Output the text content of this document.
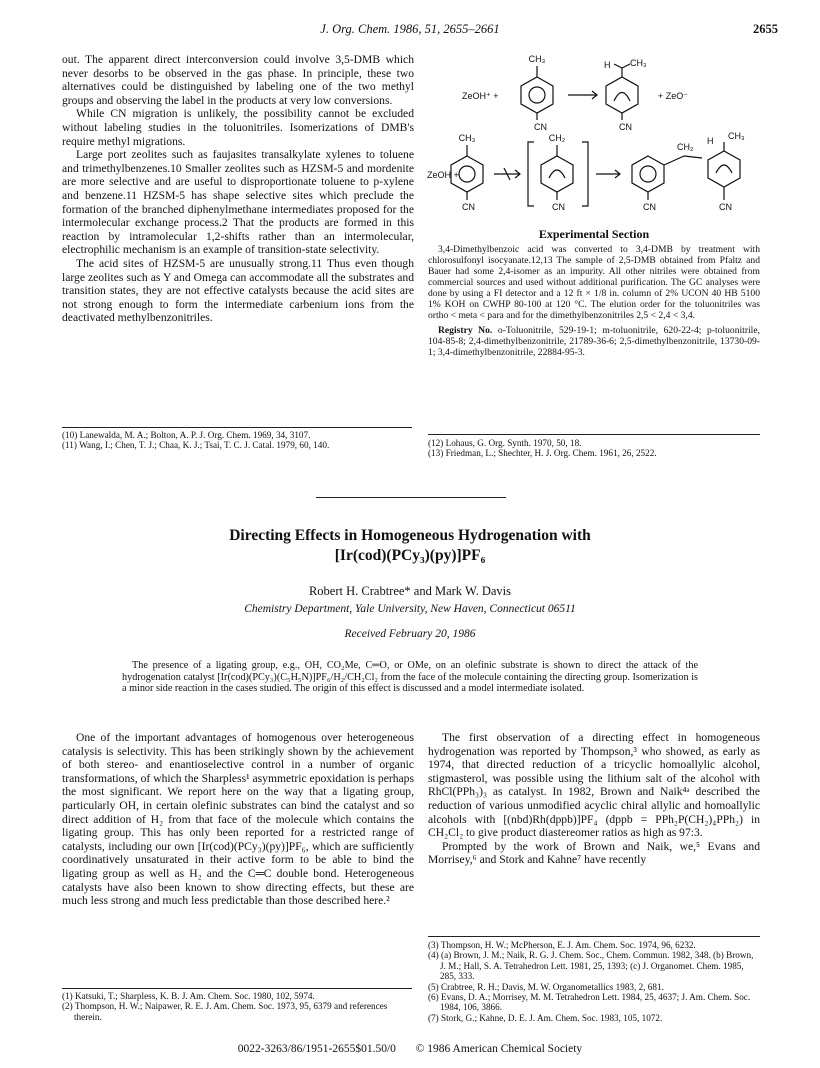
J. Org. Chem. 1986, 51, 2655–2661	2655

out. The apparent direct interconversion could involve 3,5-DMB which never desorbs to be observed in the gas phase. In principle, these two alternatives could be distinguished by labeling one of the two methyl groups and observing the label in the products at very low conversions.

While CN migration is unlikely, the possibility cannot be excluded without labeling studies in the toluonitriles. Isomerizations of DMB's require methyl migrations.

Large port zeolites such as faujasites transalkylate xylenes to toluene and trimethylbenzenes.10 Smaller zeolites such as HZSM-5 and mordenite are more selective and are useful to disproportionate toluene to p-xylene and benzene.11 HZSM-5 has shape selective sites which preclude the formation of the branched diphenylmethane intermediates proposed for the intermolecular exchange process.2 That the products are formed in this reaction by intramolecular 1,2-shifts rather than an intermolecular, electrophilic mechanism is an example of transition-state selectivity.

The acid sites of HZSM-5 are unusually strong.11 Thus even though large zeolites such as Y and Omega can accommodate all the substrates and transition states, they are not effective catalysts because the acid sites are not strong enough to form the intermediate carbenium ions from the deactivated methylbenzonitriles.

CH₃
ZeOH⁺ +
CN
H CH₃
CN
+ ZeO⁻
CH₃
ZeOH +
CN
CH₂
CN	CN
CH₂
H CH₃
CN
Experimental Section

3,4-Dimethylbenzoic acid was converted to 3,4-DMB by treatment with chlorosulfonyl isocyanate.12,13 The sample of 2,5-DMB obtained from Pfaltz and Bauer had some 2,4-isomer as an impurity. All other nitriles were obtained from commercial sources and used without additional purification. The GC analyses were done by using a FI detector and a 12 ft × 1/8 in. column of 2% UCON 40 HB 5100 1% KOH on CWHP 80-100 at 120 °C. The elution order for the toluonitriles was ortho < meta < para and for the dimethylbenzonitriles 2,5 < 2,4 < 3,4.

Registry No. o-Toluonitrile, 529-19-1; m-toluonitrile, 620-22-4; p-toluonitrile, 104-85-8; 2,4-dimethylbenzonitrile, 21789-36-6; 2,5-dimethylbenzonitrile, 13730-09-1; 3,4-dimethylbenzonitrile, 22884-95-3.

(10) Lanewalda, M. A.; Bolton, A. P. J. Org. Chem. 1969, 34, 3107.
(11) Wang, I.; Chen, T. J.; Chaa, K. J.; Tsai, T. C. J. Catal. 1979, 60, 140.	(12) Lohaus, G. Org. Synth. 1970, 50, 18.
(13) Friedman, L.; Shechter, H. J. Org. Chem. 1961, 26, 2522.
Directing Effects in Homogeneous Hydrogenation with
[Ir(cod)(PCy₃)(py)]PF₆
Robert H. Crabtree* and Mark W. Davis
Chemistry Department, Yale University, New Haven, Connecticut 06511
Received February 20, 1986

The presence of a ligating group, e.g., OH, CO₂Me, C═O, or OMe, on an olefinic substrate is shown to direct the attack of the hydrogenation catalyst [Ir(cod)(PCy₃)(C₅H₅N)]PF₆/H₂/CH₂Cl₂ from the face of the molecule containing the directing group. Isomerization is a minor side reaction in the cases studied. The origin of this effect is discussed and a model intermediate isolated.

One of the important advantages of homogenous over heterogeneous catalysis is selectivity. This has been strikingly shown by the achievement of both stereo- and enantioselective control in a number of organic transformations, of which the Sharpless¹ asymmetric epoxidation is perhaps the most significant. We report here on the way that a ligating group, particularly OH, in certain olefinic substrates can bind the catalyst and so direct addition of H₂ from that face of the molecule which contains the ligating group. This has only been reported for a restricted range of catalysts, including our own [Ir(cod)(PCy₃)(py)]PF₆, which are sufficiently coordinatively unsaturated in their active form to be able to bind the ligating group as well as H₂ and the C═C double bond. Heterogeneous catalysts have also been known to show directing effects, but these are much less strong and much less predictable than those described here.²

The first observation of a directing effect in homogeneous hydrogenation was reported by Thompson,³ who showed, as early as 1974, that directed reduction of a tricyclic homoallylic alcohol, stigmasterol, was possible using the lithium salt of the alcohol with RhCl(PPh₃)₃ as catalyst. In 1982, Brown and Naik⁴ᵃ described the reduction of various unmodified acyclic chiral allylic and homoallylic alcohols with [(nbd)Rh(dppb)]PF₄ (dppb = PPh₂P(CH₂)₄PPh₂) in CH₂Cl₂ to give product diastereomer ratios as high as 97:3.

Prompted by the work of Brown and Naik, we,⁵ Evans and Morrisey,⁶ and Stork and Kahne⁷ have recently

(1) Katsuki, T.; Sharpless, K. B. J. Am. Chem. Soc. 1980, 102, 5974.
(2) Thompson, H. W.; Naipawer, R. E. J. Am. Chem. Soc. 1973, 95, 6379 and references therein.
(3) Thompson, H. W.; McPherson, E. J. Am. Chem. Soc. 1974, 96, 6232.
(4) (a) Brown, J. M.; Naik, R. G. J. Chem. Soc., Chem. Commun. 1982, 348. (b) Brown, J. M.; Hall, S. A. Tetrahedron Lett. 1981, 25, 1393; (c) J. Organomet. Chem. 1985, 285, 333.
(5) Crabtree, R. H.; Davis, M. W. Organometallics 1983, 2, 681.
(6) Evans, D. A.; Morrisey, M. M. Tetrahedron Lett. 1984, 25, 4637; J. Am. Chem. Soc. 1984, 106, 3866.
(7) Stork, G.; Kahne, D. E. J. Am. Chem. Soc. 1983, 105, 1072.
0022-3263/86/1951-2655$01.50/0 © 1986 American Chemical Society
